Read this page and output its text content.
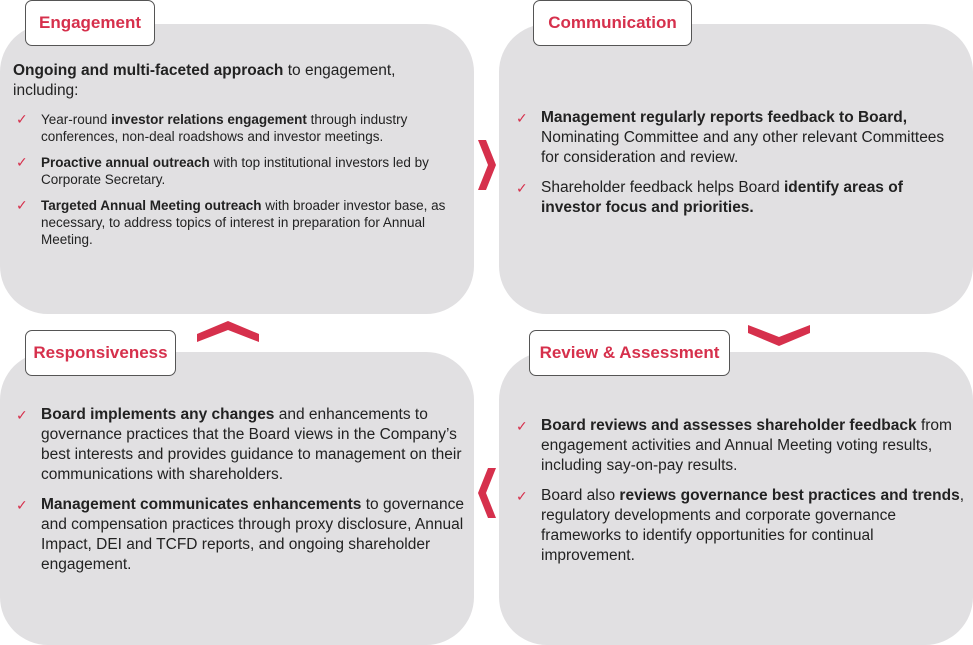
Engagement	Communication
Responsiveness	Review & Assessment

Ongoing and multi-faceted approach to engagement, including:

✓ Year-round investor relations engagement through industry conferences, non-deal roadshows and investor meetings.
✓ Proactive annual outreach with top institutional investors led by Corporate Secretary.
✓ Targeted Annual Meeting outreach with broader investor base, as necessary, to address topics of interest in preparation for Annual Meeting.
✓ Management regularly reports feedback to Board, Nominating Committee and any other relevant Committees for consideration and review.
✓ Shareholder feedback helps Board identify areas of investor focus and priorities.
✓ Board implements any changes and enhancements to governance practices that the Board views in the Company’s best interests and provides guidance to management on their communications with shareholders.
✓ Management communicates enhancements to governance and compensation practices through proxy disclosure, Annual Impact, DEI and TCFD reports, and ongoing shareholder engagement.
✓ Board reviews and assesses shareholder feedback from engagement activities and Annual Meeting voting results, including say-on-pay results.
✓ Board also reviews governance best practices and trends, regulatory developments and corporate governance frameworks to identify opportunities for continual improvement.
